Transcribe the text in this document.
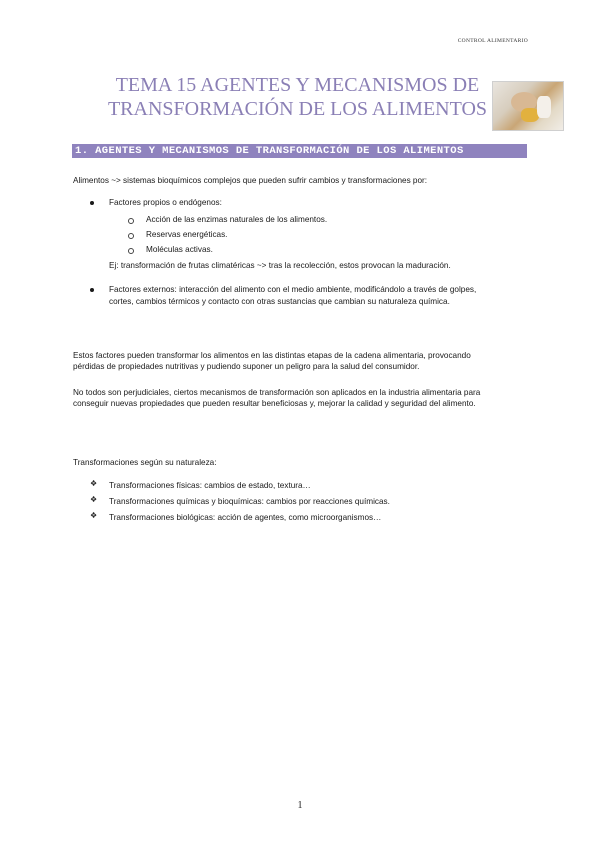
CONTROL ALIMENTARIO
TEMA 15 AGENTES Y MECANISMOS DE
TRANSFORMACIÓN DE LOS ALIMENTOS
1. AGENTES Y MECANISMOS DE TRANSFORMACIÓN DE LOS ALIMENTOS
Alimentos ~> sistemas bioquímicos complejos que pueden sufrir cambios y transformaciones por:
Factores propios o endógenos:
Acción de las enzimas naturales de los alimentos.
Reservas energéticas.
Moléculas activas.
Ej: transformación de frutas climatéricas ~> tras la recolección, estos provocan la maduración.
Factores externos: interacción del alimento con el medio ambiente, modificándolo a través de golpes,
cortes, cambios térmicos y contacto con otras sustancias que cambian su naturaleza química.
Estos factores pueden transformar los alimentos en las distintas etapas de la cadena alimentaria, provocando
pérdidas de propiedades nutritivas y pudiendo suponer un peligro para la salud del consumidor.
No todos son perjudiciales, ciertos mecanismos de transformación son aplicados en la industria alimentaria para
conseguir nuevas propiedades que pueden resultar beneficiosas y, mejorar la calidad y seguridad del alimento.
Transformaciones según su naturaleza:
❖ Transformaciones físicas: cambios de estado, textura…
❖ Transformaciones químicas y bioquímicas: cambios por reacciones químicas.
❖ Transformaciones biológicas: acción de agentes, como microorganismos…
1
